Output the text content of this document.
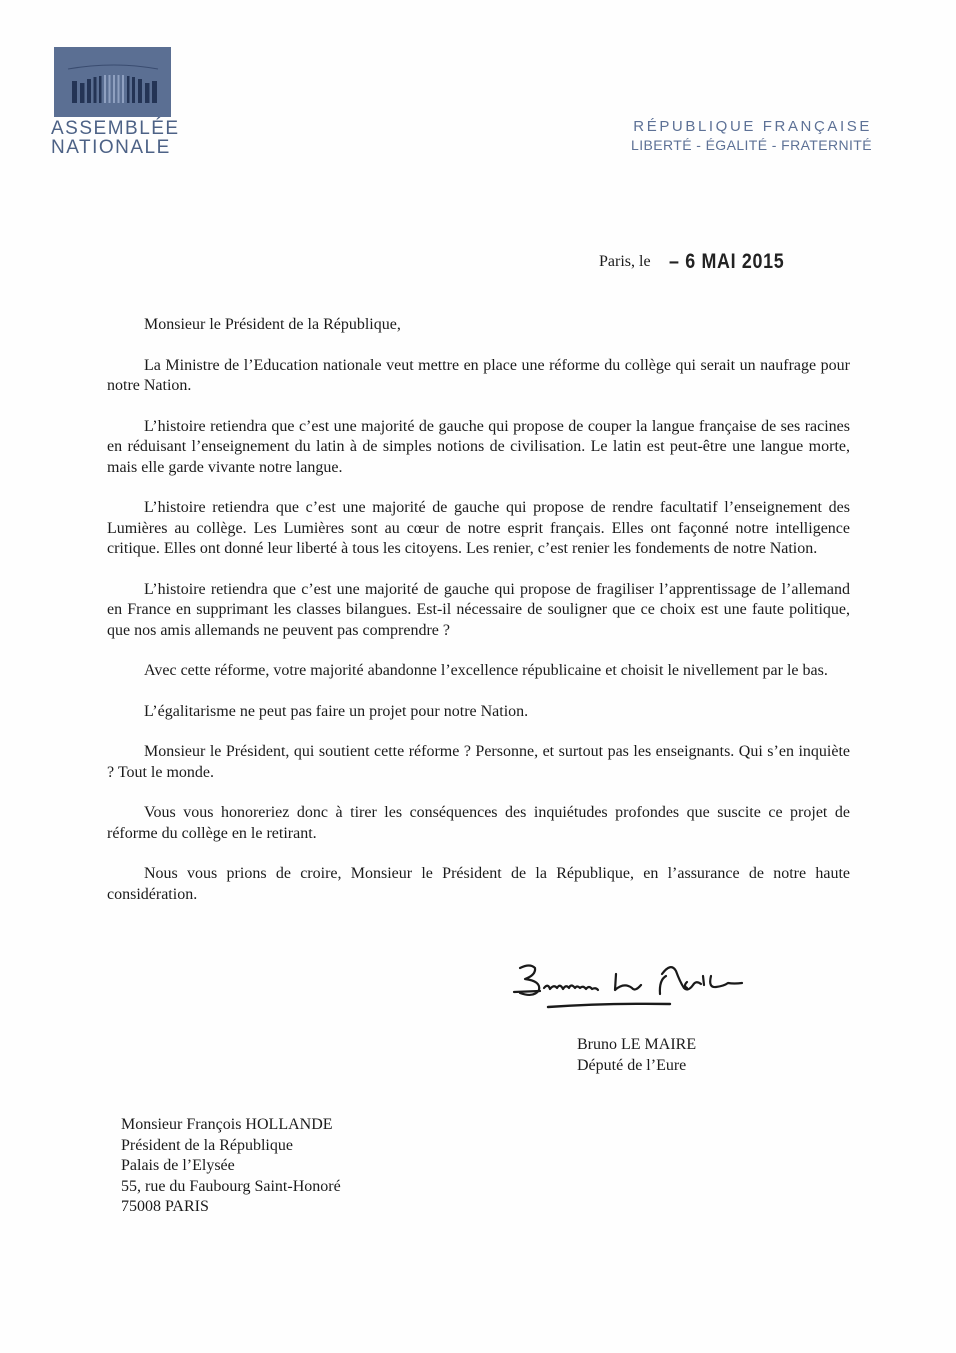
ASSEMBLÉE
NATIONALE
RÉPUBLIQUE FRANÇAISE
LIBERTÉ - ÉGALITÉ - FRATERNITÉ
Paris, le – 6 MAI 2015

Monsieur le Président de la République,

La Ministre de l’Education nationale veut mettre en place une réforme du collège qui serait un naufrage pour notre Nation.

L’histoire retiendra que c’est une majorité de gauche qui propose de couper la langue française de ses racines en réduisant l’enseignement du latin à de simples notions de civilisation. Le latin est peut-être une langue morte, mais elle garde vivante notre langue.

L’histoire retiendra que c’est une majorité de gauche qui propose de rendre facultatif l’enseignement des Lumières au collège. Les Lumières sont au cœur de notre esprit français. Elles ont façonné notre intelligence critique. Elles ont donné leur liberté à tous les citoyens. Les renier, c’est renier les fondements de notre Nation.

L’histoire retiendra que c’est une majorité de gauche qui propose de fragiliser l’apprentissage de l’allemand en France en supprimant les classes bilangues. Est-il nécessaire de souligner que ce choix est une faute politique, que nos amis allemands ne peuvent pas comprendre ?

Avec cette réforme, votre majorité abandonne l’excellence républicaine et choisit le nivellement par le bas.

L’égalitarisme ne peut pas faire un projet pour notre Nation.

Monsieur le Président, qui soutient cette réforme ? Personne, et surtout pas les enseignants. Qui s’en inquiète ? Tout le monde.

Vous vous honoreriez donc à tirer les conséquences des inquiétudes profondes que suscite ce projet de réforme du collège en le retirant.

Nous vous prions de croire, Monsieur le Président de la République, en l’assurance de notre haute considération.

Bruno LE MAIRE
Député de l’Eure
Monsieur François HOLLANDE
Président de la République
Palais de l’Elysée
55, rue du Faubourg Saint-Honoré
75008 PARIS
